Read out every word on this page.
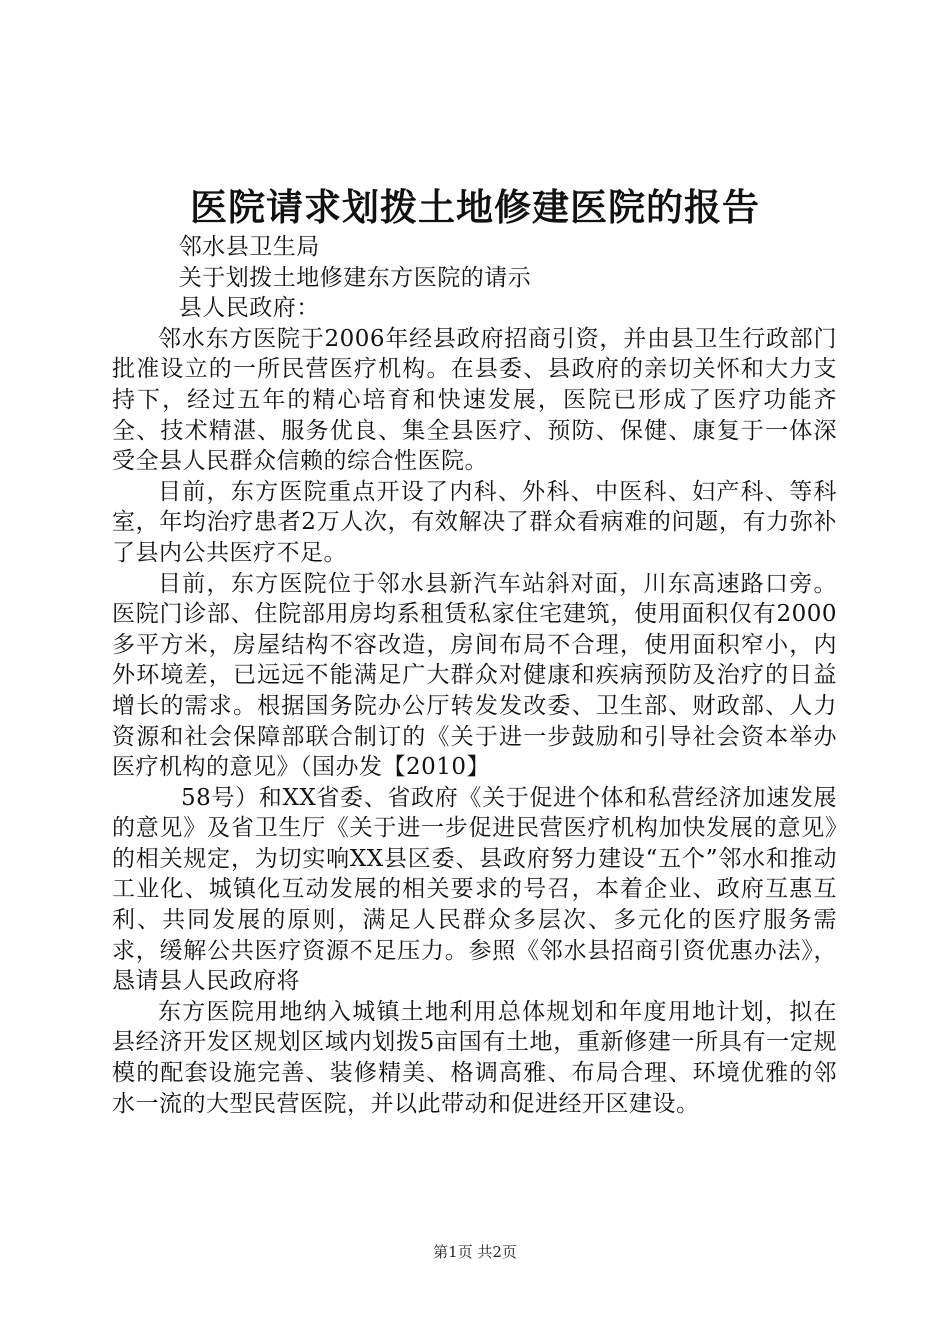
医院请求划拨土地修建医院的报告

邻水县卫生局

关于划拨土地修建东方医院的请示

县人民政府：

邻水东方医院于2006年经县政府招商引资，并由县卫生行政部门批准设立的一所民营医疗机构。在县委、县政府的亲切关怀和大力支持下，经过五年的精心培育和快速发展，医院已形成了医疗功能齐全、技术精湛、服务优良、集全县医疗、预防、保健、康复于一体深受全县人民群众信赖的综合性医院。

目前，东方医院重点开设了内科、外科、中医科、妇产科、等科室，年均治疗患者2万人次，有效解决了群众看病难的问题，有力弥补了县内公共医疗不足。

目前，东方医院位于邻水县新汽车站斜对面，川东高速路口旁。医院门诊部、住院部用房均系租赁私家住宅建筑，使用面积仅有2000多平方米，房屋结构不容改造，房间布局不合理，使用面积窄小，内外环境差，已远远不能满足广大群众对健康和疾病预防及治疗的日益增长的需求。根据国务院办公厅转发发改委、卫生部、财政部、人力资源和社会保障部联合制订的《关于进一步鼓励和引导社会资本举办医疗机构的意见》（国办发【2010】

58号）和XX省委、省政府《关于促进个体和私营经济加速发展的意见》及省卫生厅《关于进一步促进民营医疗机构加快发展的意见》的相关规定，为切实响XX县区委、县政府努力建设“五个”邻水和推动工业化、城镇化互动发展的相关要求的号召，本着企业、政府互惠互利、共同发展的原则，满足人民群众多层次、多元化的医疗服务需求，缓解公共医疗资源不足压力。参照《邻水县招商引资优惠办法》，恳请县人民政府将

东方医院用地纳入城镇土地利用总体规划和年度用地计划，拟在县经济开发区规划区域内划拨5亩国有土地，重新修建一所具有一定规模的配套设施完善、装修精美、格调高雅、布局合理、环境优雅的邻水一流的大型民营医院，并以此带动和促进经开区建设。

第1页 共2页
